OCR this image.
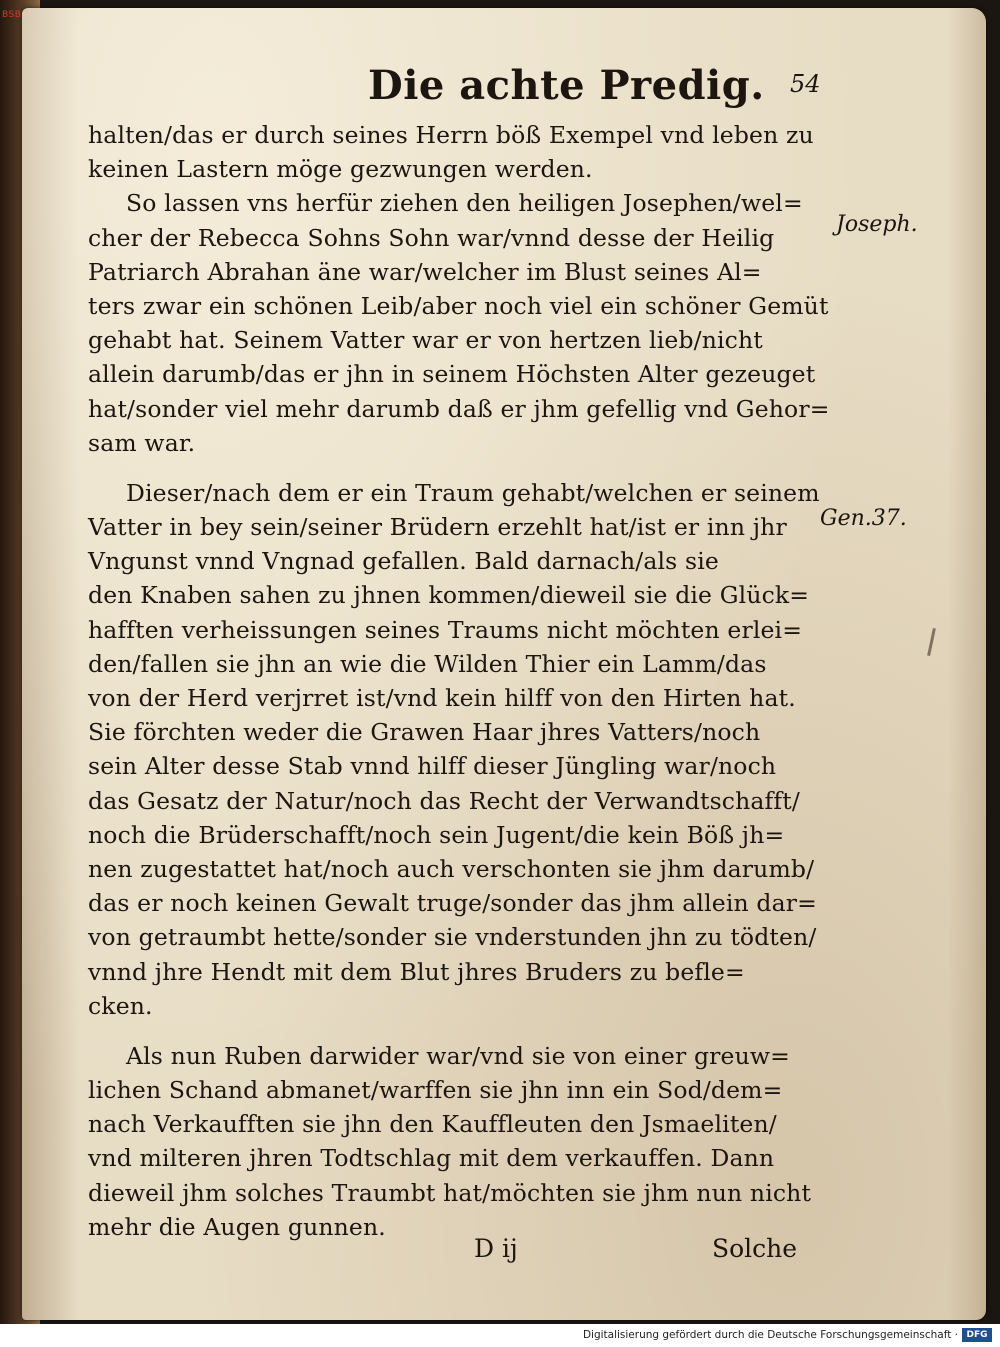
BSB
Die achte Predig. 54
halten/das er durch seines Herrn böß Exempel vnd leben zu
keinen Lastern möge gezwungen werden.
So lassen vns herfür ziehen den heiligen Josephen/wel=
cher der Rebecca Sohns Sohn war/vnnd desse der Heilig
Patriarch Abrahan äne war/welcher im Blust seines Al=
ters zwar ein schönen Leib/aber noch viel ein schöner Gemüt
gehabt hat. Seinem Vatter war er von hertzen lieb/nicht
allein darumb/das er jhn in seinem Höchsten Alter gezeuget
hat/sonder viel mehr darumb daß er jhm gefellig vnd Gehor=
sam war.
Dieser/nach dem er ein Traum gehabt/welchen er seinem
Vatter in bey sein/seiner Brüdern erzehlt hat/ist er inn jhr
Vngunst vnnd Vngnad gefallen. Bald darnach/als sie
den Knaben sahen zu jhnen kommen/dieweil sie die Glück=
hafften verheissungen seines Traums nicht möchten erlei=
den/fallen sie jhn an wie die Wilden Thier ein Lamm/das
von der Herd verjrret ist/vnd kein hilff von den Hirten hat.
Sie förchten weder die Grawen Haar jhres Vatters/noch
sein Alter desse Stab vnnd hilff dieser Jüngling war/noch
das Gesatz der Natur/noch das Recht der Verwandtschafft/
noch die Brüderschafft/noch sein Jugent/die kein Böß jh=
nen zugestattet hat/noch auch verschonten sie jhm darumb/
das er noch keinen Gewalt truge/sonder das jhm allein dar=
von getraumbt hette/sonder sie vnderstunden jhn zu tödten/
vnnd jhre Hendt mit dem Blut jhres Bruders zu befle=
cken.
Als nun Ruben darwider war/vnd sie von einer greuw=
lichen Schand abmanet/warffen sie jhn inn ein Sod/dem=
nach Verkaufften sie jhn den Kauffleuten den Jsmaeliten/
vnd milteren jhren Todtschlag mit dem verkauffen. Dann
dieweil jhm solches Traumbt hat/möchten sie jhm nun nicht
mehr die Augen gunnen.
Joseph.
Gen.37.
D ij	Solche
Digitalisierung gefördert durch die Deutsche Forschungsgemeinschaft · DFG
